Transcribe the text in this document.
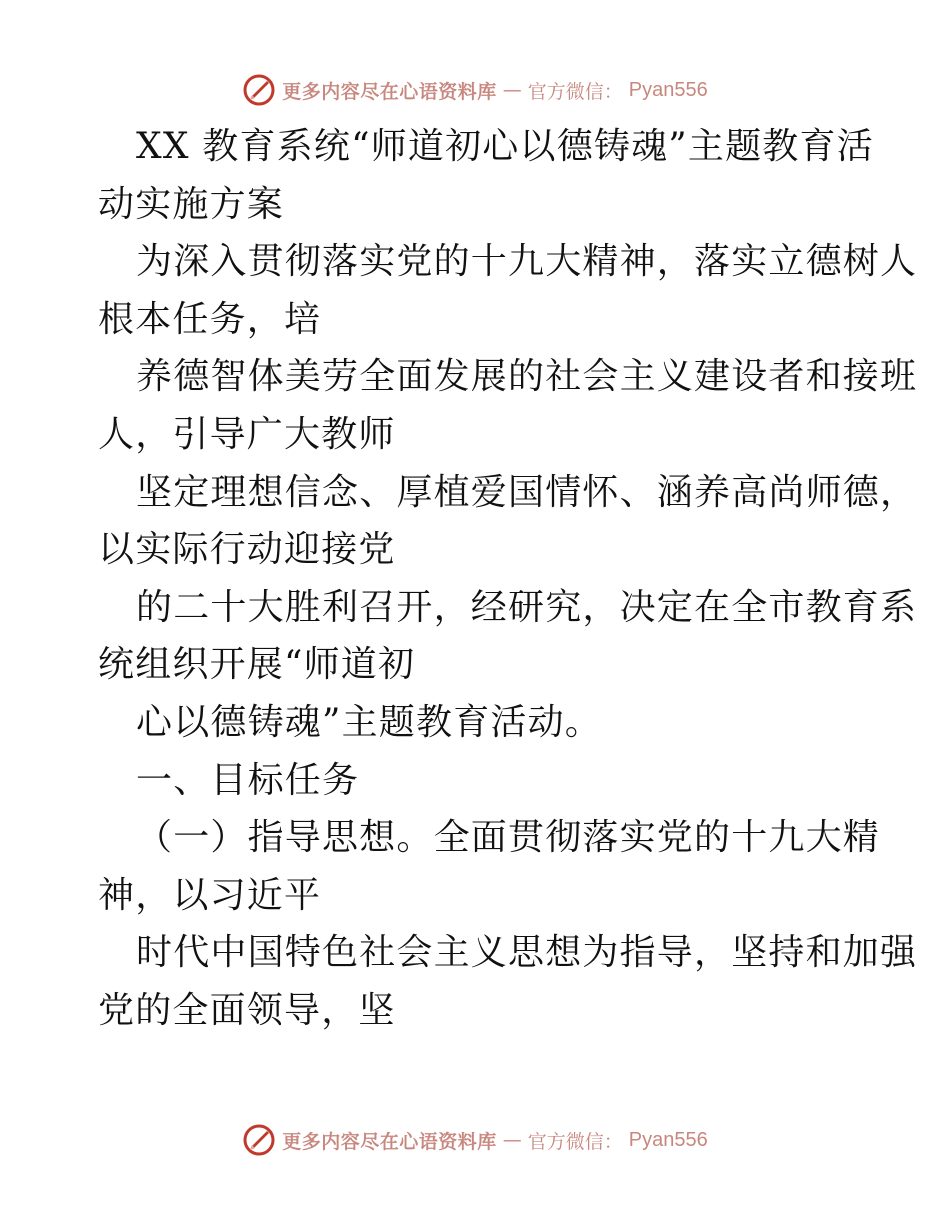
更多内容尽在心语资料库 — 官方微信： Pyan556
XX 教育系统“师道初心以德铸魂”主题教育活
动实施方案
为深入贯彻落实党的十九大精神，落实立德树人
根本任务，培
养德智体美劳全面发展的社会主义建设者和接班
人，引导广大教师
坚定理想信念、厚植爱国情怀、涵养高尚师德，
以实际行动迎接党
的二十大胜利召开，经研究，决定在全市教育系
统组织开展“师道初
心以德铸魂”主题教育活动。
一、目标任务
（一）指导思想。全面贯彻落实党的十九大精
神，以习近平
时代中国特色社会主义思想为指导，坚持和加强
党的全面领导，坚
更多内容尽在心语资料库 — 官方微信： Pyan556
